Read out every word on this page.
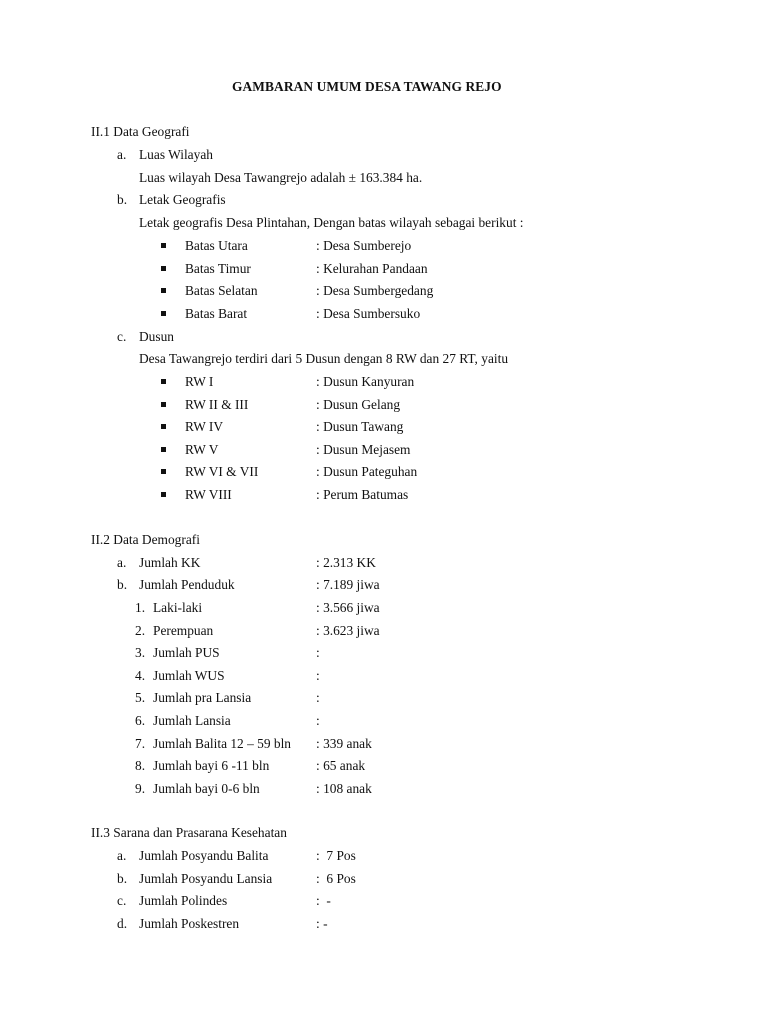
GAMBARAN UMUM DESA TAWANG REJO
II.1 Data Geografi
a. Luas Wilayah
Luas wilayah Desa Tawangrejo adalah ± 163.384 ha.
b. Letak Geografis
Letak geografis Desa Plintahan, Dengan batas wilayah sebagai berikut :
Batas Utara	: Desa Sumberejo
Batas Timur	: Kelurahan Pandaan
Batas Selatan	: Desa Sumbergedang
Batas Barat	: Desa Sumbersuko
c. Dusun
Desa Tawangrejo terdiri dari 5 Dusun dengan 8 RW dan 27 RT, yaitu
RW I	: Dusun Kanyuran
RW II & III	: Dusun Gelang
RW IV	: Dusun Tawang
RW V	: Dusun Mejasem
RW VI & VII	: Dusun Pateguhan
RW VIII	: Perum Batumas
II.2 Data Demografi
a. Jumlah KK	: 2.313 KK
b. Jumlah Penduduk	: 7.189 jiwa
1. Laki-laki	: 3.566 jiwa
2. Perempuan	: 3.623 jiwa
3. Jumlah PUS	:
4. Jumlah WUS	:
5. Jumlah pra Lansia	:
6. Jumlah Lansia	:
7. Jumlah Balita 12 – 59 bln : 339 anak
8. Jumlah bayi 6 -11 bln	: 65 anak
9. Jumlah bayi 0-6 bln	: 108 anak
II.3 Sarana dan Prasarana Kesehatan
a. Jumlah Posyandu Balita	:  7 Pos
b. Jumlah Posyandu Lansia	:  6 Pos
c. Jumlah Polindes	:  -
d. Jumlah Poskestren	: -
